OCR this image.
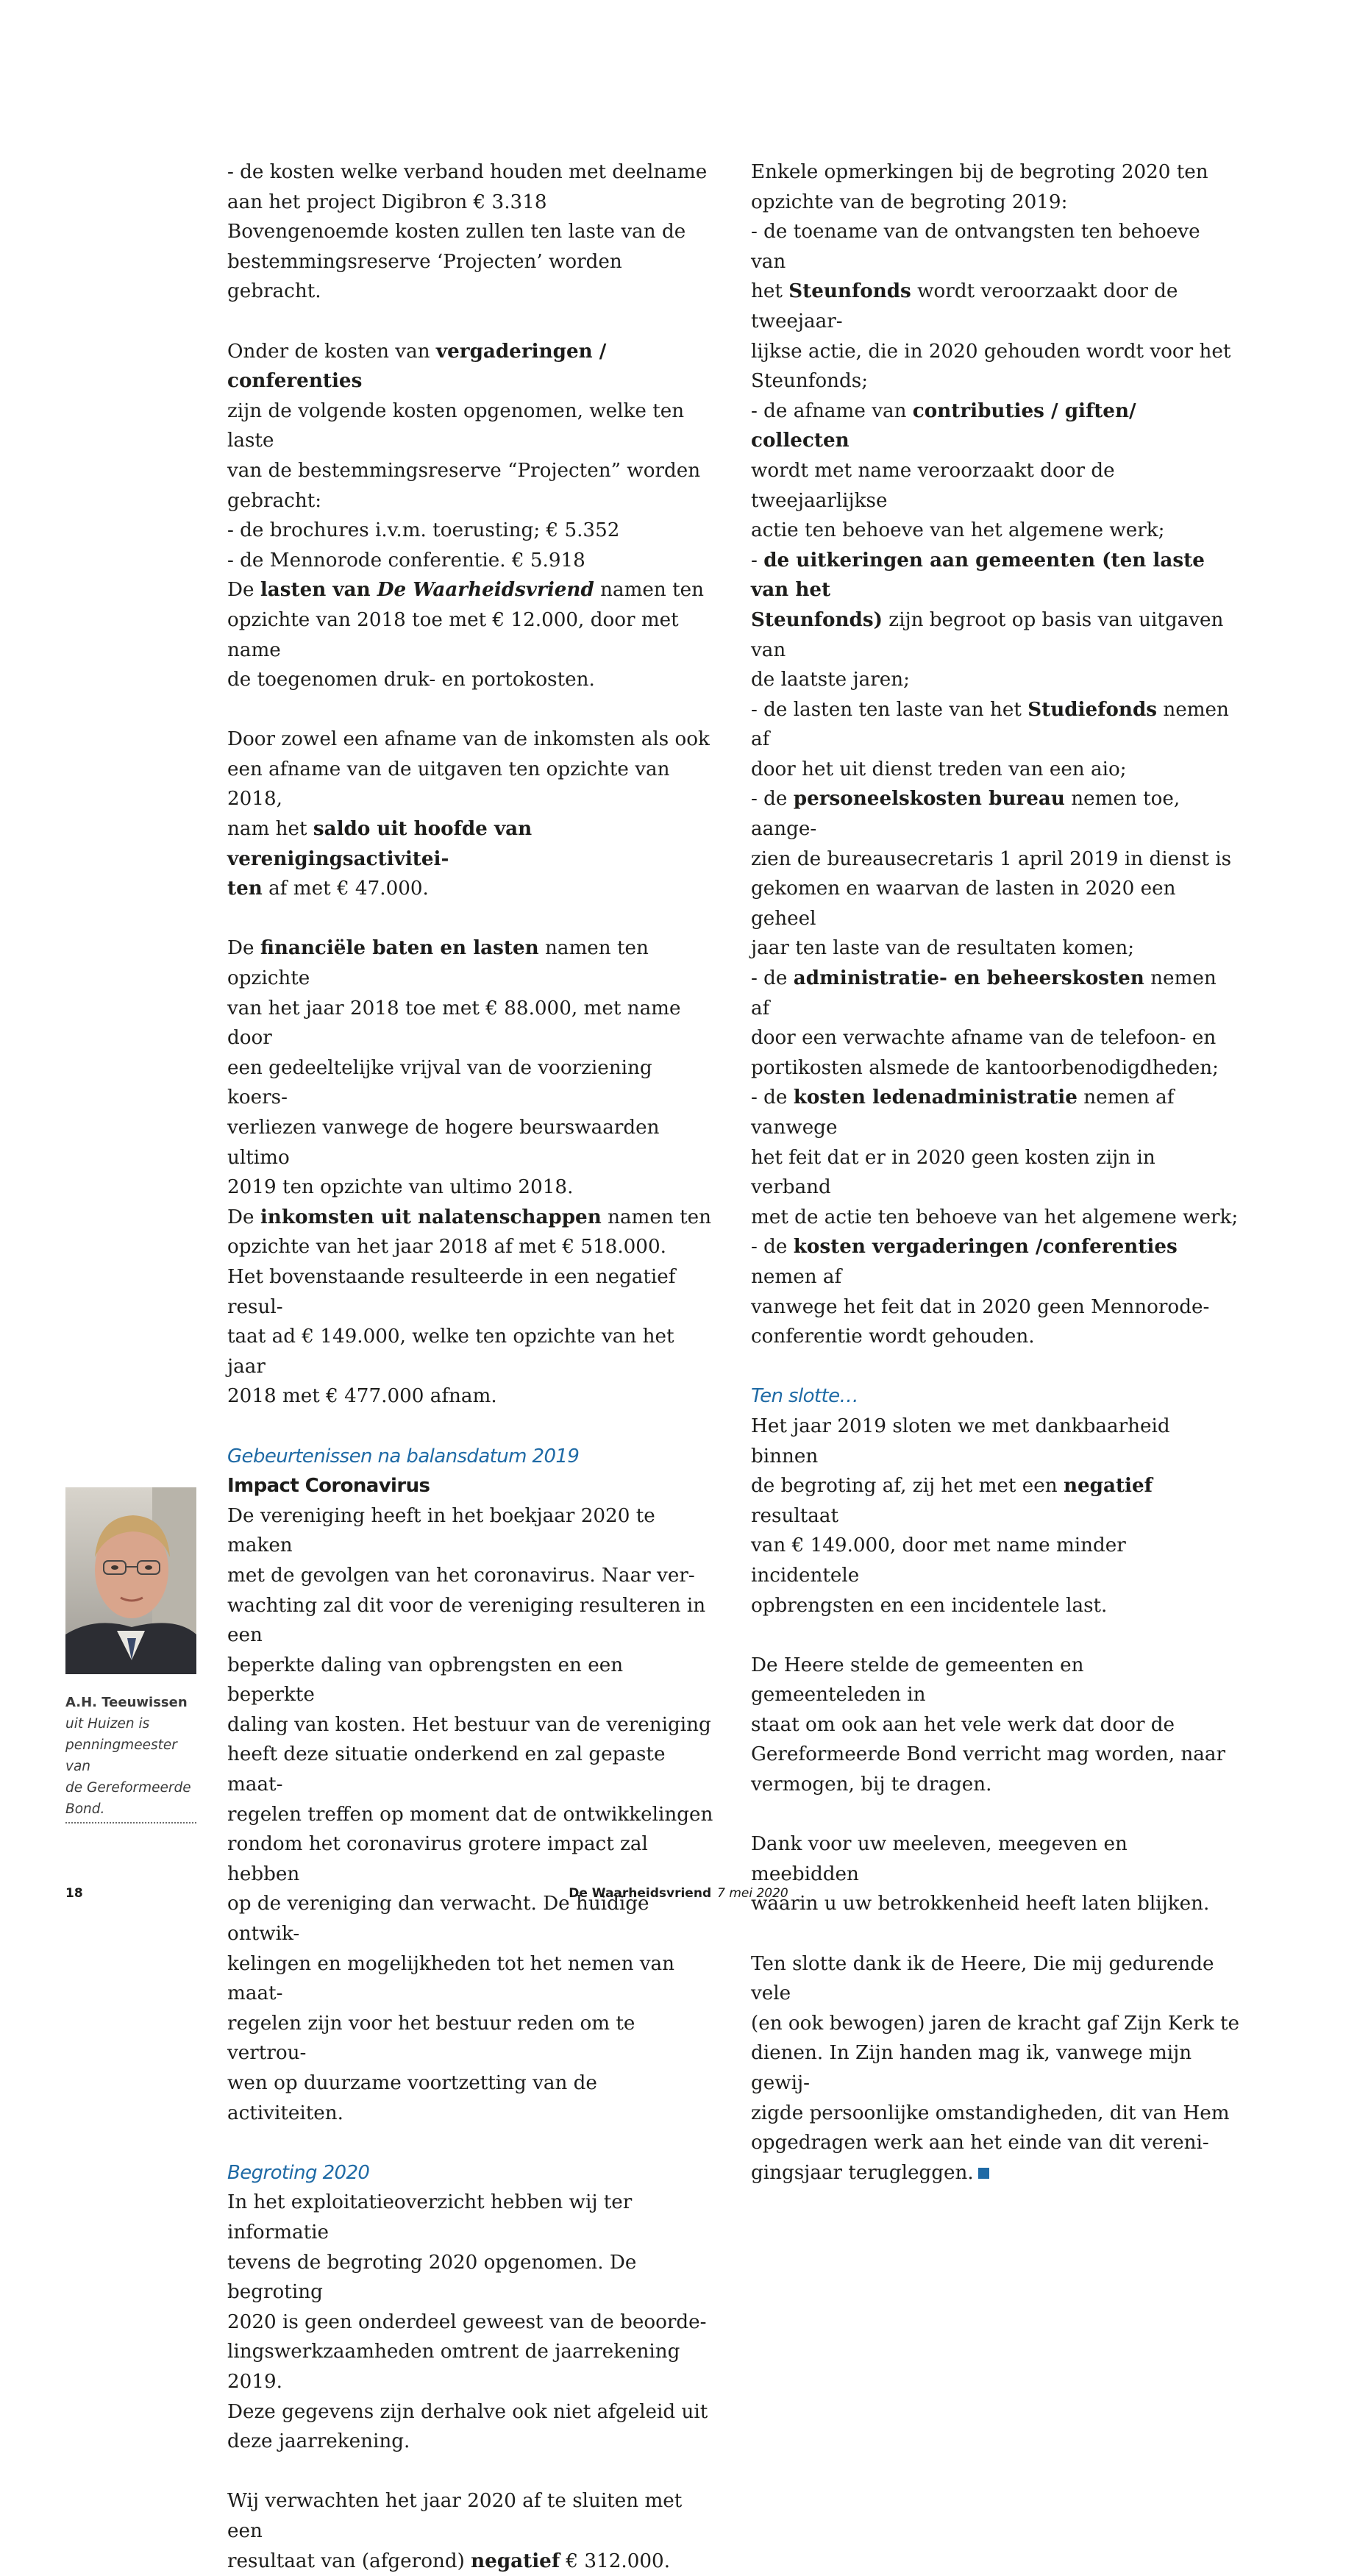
- de kosten welke verband houden met deelname
aan het project Digibron € 3.318
Bovengenoemde kosten zullen ten laste van de
bestemmingsreserve ‘Projecten’ worden gebracht.

Onder de kosten van vergaderingen / conferenties
zijn de volgende kosten opgenomen, welke ten laste
van de bestemmingsreserve “Projecten” worden
gebracht:
- de brochures i.v.m. toerusting; € 5.352
- de Mennorode conferentie. € 5.918
De lasten van De Waarheidsvriend namen ten
opzichte van 2018 toe met € 12.000, door met name
de toegenomen druk- en portokosten.

Door zowel een afname van de inkomsten als ook
een afname van de uitgaven ten opzichte van 2018,
nam het saldo uit hoofde van verenigingsactivitei-
ten af met € 47.000.

De financiële baten en lasten namen ten opzichte
van het jaar 2018 toe met € 88.000, met name door
een gedeeltelijke vrijval van de voorziening koers-
verliezen vanwege de hogere beurswaarden ultimo
2019 ten opzichte van ultimo 2018.
De inkomsten uit nalatenschappen namen ten
opzichte van het jaar 2018 af met € 518.000.
Het bovenstaande resulteerde in een negatief resul-
taat ad € 149.000, welke ten opzichte van het jaar
2018 met € 477.000 afnam.

Gebeurtenissen na balansdatum 2019

Impact Coronavirus

De vereniging heeft in het boekjaar 2020 te maken
met de gevolgen van het coronavirus. Naar ver-
wachting zal dit voor de vereniging resulteren in een
beperkte daling van opbrengsten en een beperkte
daling van kosten. Het bestuur van de vereniging
heeft deze situatie onderkend en zal gepaste maat-
regelen treffen op moment dat de ontwikkelingen
rondom het coronavirus grotere impact zal hebben
op de vereniging dan verwacht. De huidige ontwik-
kelingen en mogelijkheden tot het nemen van maat-
regelen zijn voor het bestuur reden om te vertrou-
wen op duurzame voortzetting van de activiteiten.

Begroting 2020

In het exploitatieoverzicht hebben wij ter informatie
tevens de begroting 2020 opgenomen. De begroting
2020 is geen onderdeel geweest van de beoorde-
lingswerkzaamheden omtrent de jaarrekening 2019.
Deze gegevens zijn derhalve ook niet afgeleid uit
deze jaarrekening.

Wij verwachten het jaar 2020 af te sluiten met een
resultaat van (afgerond) negatief € 312.000.

Enkele opmerkingen bij de begroting 2020 ten
opzichte van de begroting 2019:
- de toename van de ontvangsten ten behoeve van
het Steunfonds wordt veroorzaakt door de tweejaar-
lijkse actie, die in 2020 gehouden wordt voor het
Steunfonds;
- de afname van contributies / giften/ collecten
wordt met name veroorzaakt door de tweejaarlijkse
actie ten behoeve van het algemene werk;
- de uitkeringen aan gemeenten (ten laste van het
Steunfonds) zijn begroot op basis van uitgaven van
de laatste jaren;
- de lasten ten laste van het Studiefonds nemen af
door het uit dienst treden van een aio;
- de personeelskosten bureau nemen toe, aange-
zien de bureausecretaris 1 april 2019 in dienst is
gekomen en waarvan de lasten in 2020 een geheel
jaar ten laste van de resultaten komen;
- de administratie- en beheerskosten nemen af
door een verwachte afname van de telefoon- en
portikosten alsmede de kantoorbenodigdheden;
- de kosten ledenadministratie nemen af vanwege
het feit dat er in 2020 geen kosten zijn in verband
met de actie ten behoeve van het algemene werk;
- de kosten vergaderingen /conferenties nemen af
vanwege het feit dat in 2020 geen Mennorode-
conferentie wordt gehouden.

Ten slotte…

Het jaar 2019 sloten we met dankbaarheid binnen
de begroting af, zij het met een negatief resultaat
van € 149.000, door met name minder incidentele
opbrengsten en een incidentele last.

De Heere stelde de gemeenten en gemeenteleden in
staat om ook aan het vele werk dat door de
Gereformeerde Bond verricht mag worden, naar
vermogen, bij te dragen.

Dank voor uw meeleven, meegeven en meebidden
waarin u uw betrokkenheid heeft laten blijken.

Ten slotte dank ik de Heere, Die mij gedurende vele
(en ook bewogen) jaren de kracht gaf Zijn Kerk te
dienen. In Zijn handen mag ik, vanwege mijn gewij-
zigde persoonlijke omstandigheden, dit van Hem
opgedragen werk aan het einde van dit vereni-
gingsjaar terugleggen.

A.H. Teeuwissen
uit Huizen is
penningmeester van
de Gereformeerde
Bond.
18	De Waarheidsvriend 7 mei 2020
